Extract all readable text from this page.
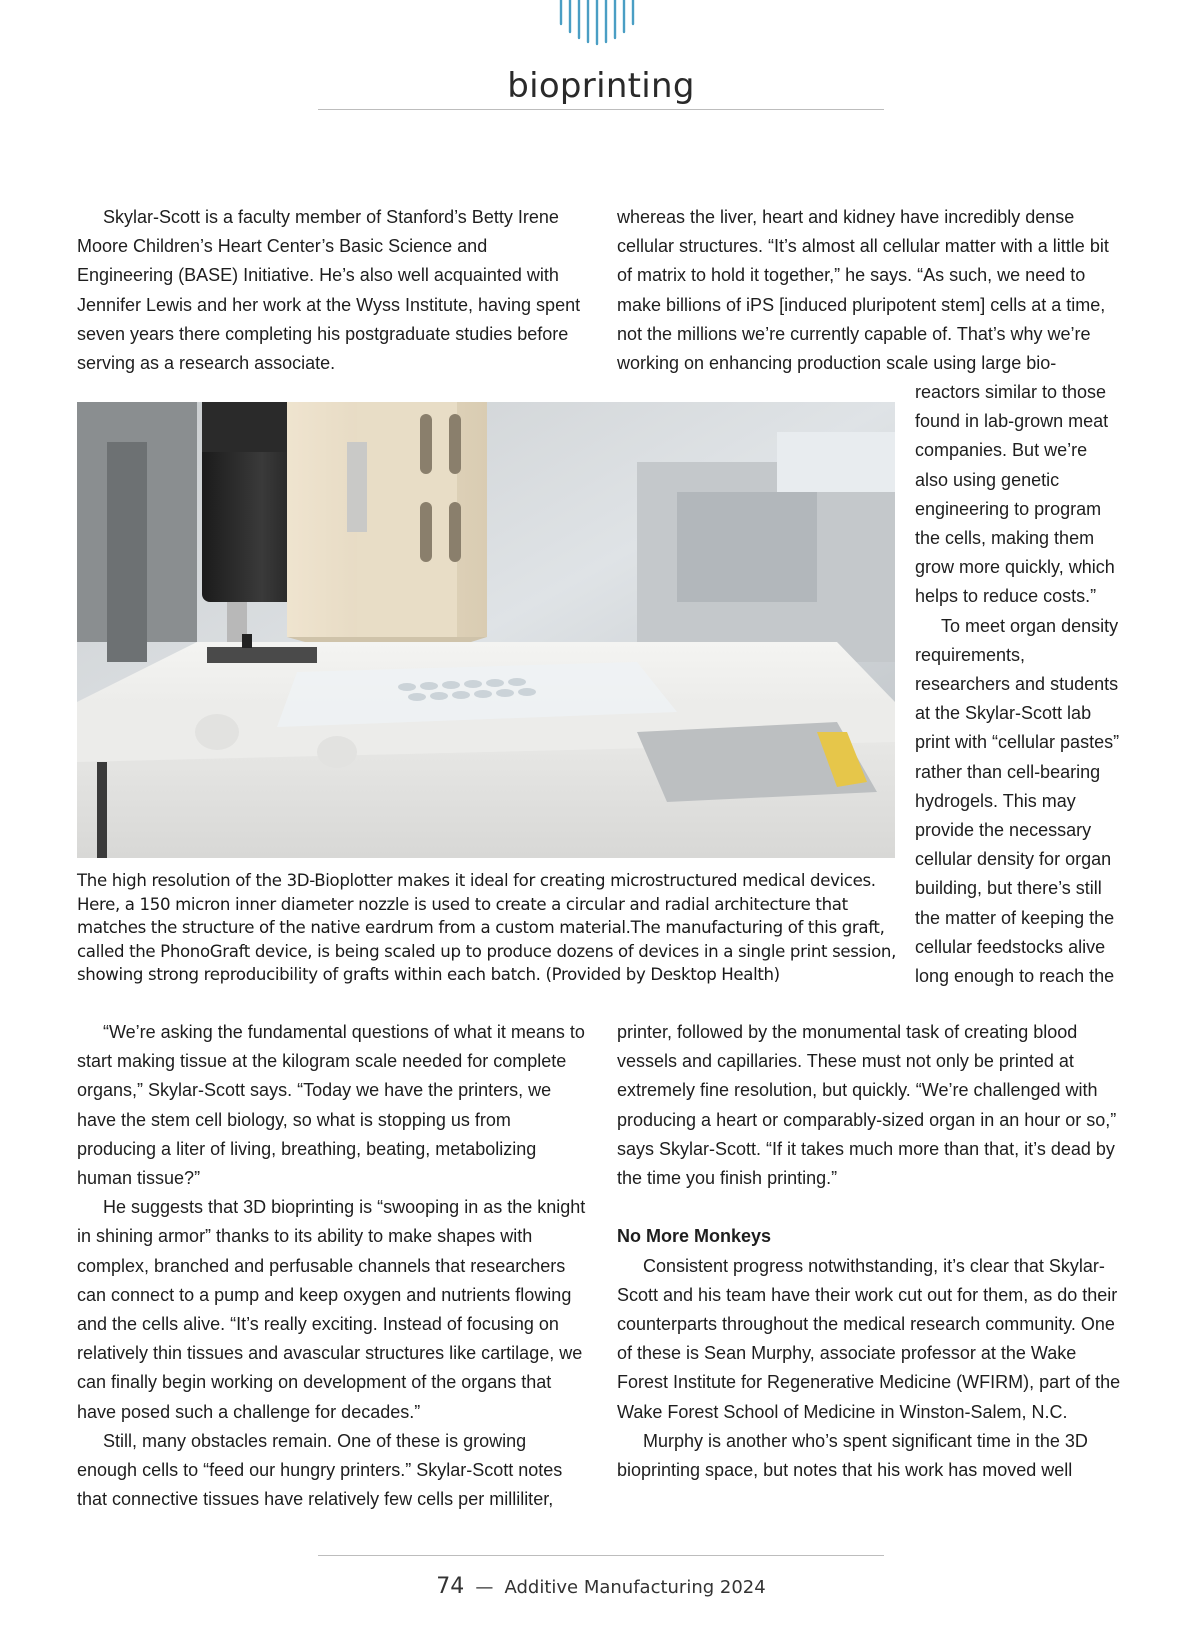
bioprinting

Skylar-Scott is a faculty member of Stanford’s Betty Irene Moore Children’s Heart Center’s Basic Science and Engineering (BASE) Initiative. He’s also well acquainted with Jennifer Lewis and her work at the Wyss Institute, having spent seven years there completing his postgraduate studies before serving as a research associate.

whereas the liver, heart and kidney have incredibly dense cellular structures. “It’s almost all cellular matter with a little bit of matrix to hold it together,” he says. “As such, we need to make billions of iPS [induced pluripotent stem] cells at a time, not the millions we’re currently capable of. That’s why we’re working on enhancing production scale using large bio-

reactors similar to those found in lab-grown meat companies. But we’re also using genetic engineering to program the cells, making them grow more quickly, which helps to reduce costs.”

To meet organ density requirements, researchers and students at the Skylar-Scott lab print with “cellular pastes” rather than cell-bearing hydrogels. This may provide the necessary cellular density for organ building, but there’s still the matter of keeping the cellular feedstocks alive long enough to reach the

The high resolution of the 3D-Bioplotter makes it ideal for creating microstructured medical devices. Here, a 150 micron inner diameter nozzle is used to create a circular and radial architecture that matches the structure of the native eardrum from a custom material.The manufacturing of this graft, called the PhonoGraft device, is being scaled up to produce dozens of devices in a single print session, showing strong reproducibility of grafts within each batch. (Provided by Desktop Health)

“We’re asking the fundamental questions of what it means to start making tissue at the kilogram scale needed for complete organs,” Skylar-Scott says. “Today we have the printers, we have the stem cell biology, so what is stopping us from producing a liter of living, breathing, beating, metabolizing human tissue?”

He suggests that 3D bioprinting is “swooping in as the knight in shining armor” thanks to its ability to make shapes with complex, branched and perfusable channels that researchers can connect to a pump and keep oxygen and nutrients flowing and the cells alive. “It’s really exciting. Instead of focusing on relatively thin tissues and avascular structures like cartilage, we can finally begin working on development of the organs that have posed such a challenge for decades.”

Still, many obstacles remain. One of these is growing enough cells to “feed our hungry printers.” Skylar-Scott notes that connective tissues have relatively few cells per milliliter,

printer, followed by the monumental task of creating blood vessels and capillaries. These must not only be printed at extremely fine resolution, but quickly. “We’re challenged with producing a heart or comparably-sized organ in an hour or so,” says Skylar-Scott. “If it takes much more than that, it’s dead by the time you finish printing.”

No More Monkeys

Consistent progress notwithstanding, it’s clear that Skylar-Scott and his team have their work cut out for them, as do their counterparts throughout the medical research community. One of these is Sean Murphy, associate professor at the Wake Forest Institute for Regenerative Medicine (WFIRM), part of the Wake Forest School of Medicine in Winston-Salem, N.C.

Murphy is another who’s spent significant time in the 3D bioprinting space, but notes that his work has moved well

74 — Additive Manufacturing 2024
